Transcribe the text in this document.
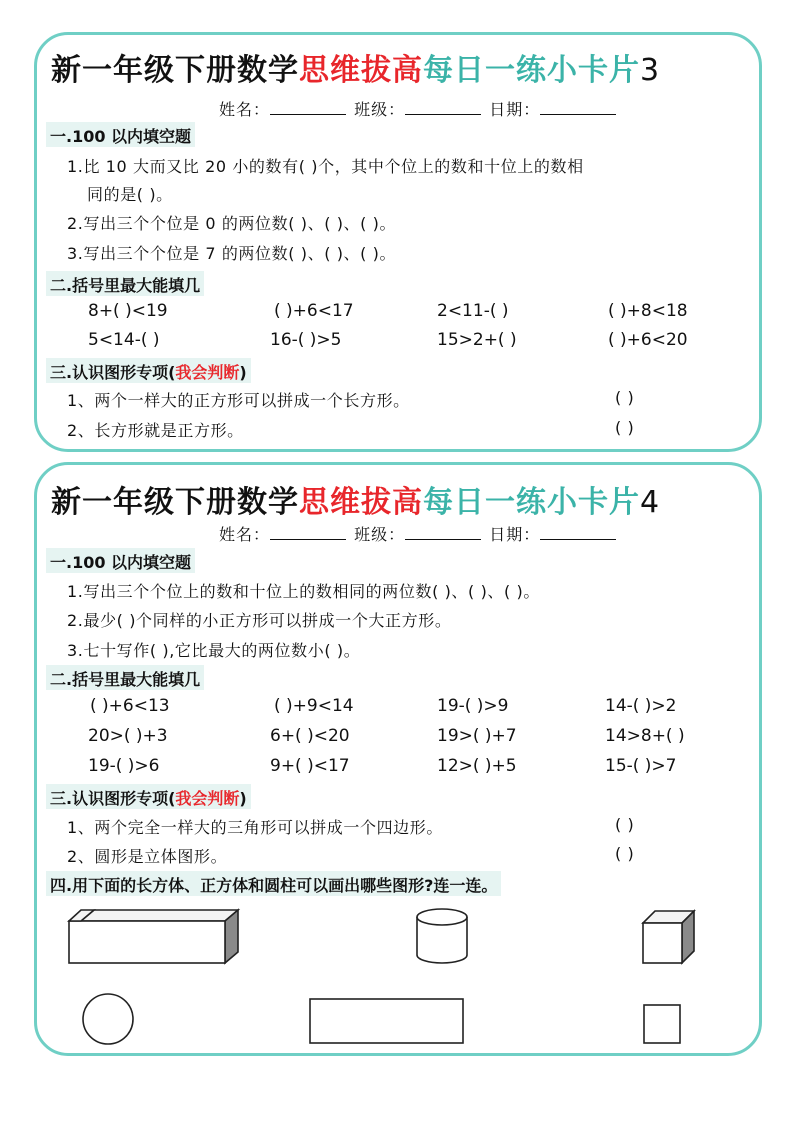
新一年级下册数学思维拔高每日一练小卡片3
姓名：	班级：	日期：
一.100 以内填空题
1.比 10 大而又比 20 小的数有( )个，其中个位上的数和十位上的数相
同的是( )。
2.写出三个个位是 0 的两位数( )、( )、( )。
3.写出三个个位是 7 的两位数( )、( )、( )。
二.括号里最大能填几
8+( )<19	( )+6<17	2<11-( )	( )+8<18
5<14-( )	16-( )>5	15>2+( )	( )+6<20
三.认识图形专项(我会判断)
1、两个一样大的正方形可以拼成一个长方形。	( )
2、长方形就是正方形。	( )
新一年级下册数学思维拔高每日一练小卡片4
姓名：	班级：	日期：
一.100 以内填空题
1.写出三个个位上的数和十位上的数相同的两位数( )、( )、( )。
2.最少( )个同样的小正方形可以拼成一个大正方形。
3.七十写作( ),它比最大的两位数小( )。
二.括号里最大能填几
( )+6<13	( )+9<14	19-( )>9	14-( )>2
20>( )+3	6+( )<20	19>( )+7	14>8+( )
19-( )>6	9+( )<17	12>( )+5	15-( )>7
三.认识图形专项(我会判断)
1、两个完全一样大的三角形可以拼成一个四边形。	( )
2、圆形是立体图形。	( )
四.用下面的长方体、正方体和圆柱可以画出哪些图形?连一连。
